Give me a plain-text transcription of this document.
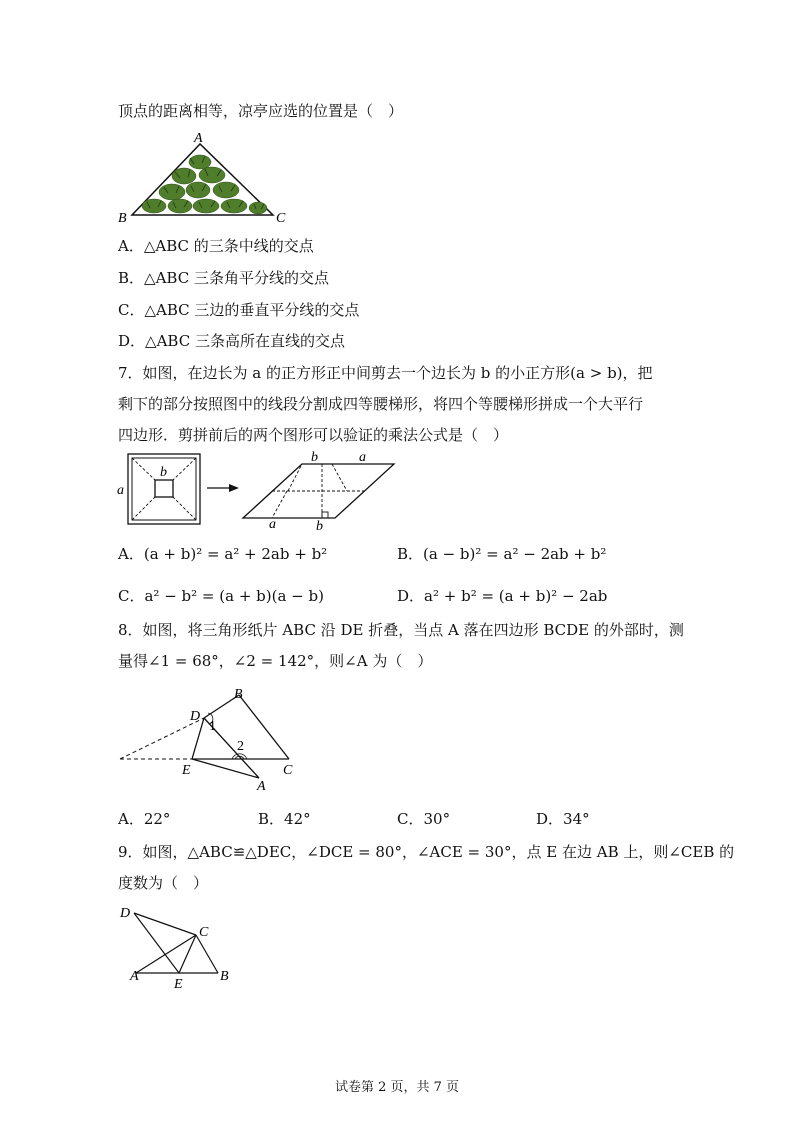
顶点的距离相等，凉亭应选的位置是（　）
A
B	C
A．△ABC 的三条中线的交点
B．△ABC 三条角平分线的交点
C．△ABC 三边的垂直平分线的交点
D．△ABC 三条高所在直线的交点
7．如图，在边长为 a 的正方形正中间剪去一个边长为 b 的小正方形(a > b)，把
剩下的部分按照图中的线段分割成四等腰梯形，将四个等腰梯形拼成一个大平行
四边形．剪拼前后的两个图形可以验证的乘法公式是（　）
b
a
b	a
a	b
A．(a + b)² = a² + 2ab + b²	B．(a − b)² = a² − 2ab + b²
C．a² − b² = (a + b)(a − b)	D．a² + b² = (a + b)² − 2ab
8．如图，将三角形纸片 ABC 沿 DE 折叠，当点 A 落在四边形 BCDE 的外部时，测
量得∠1 = 68°，∠2 = 142°，则∠A 为（　）
B
D
1
2
E	C
A
A．22°	B．42°	C．30°	D．34°
9．如图，△ABC≌△DEC，∠DCE = 80°，∠ACE = 30°，点 E 在边 AB 上，则∠CEB 的
度数为（　）
D
C
A
E
B
试卷第 2 页，共 7 页
